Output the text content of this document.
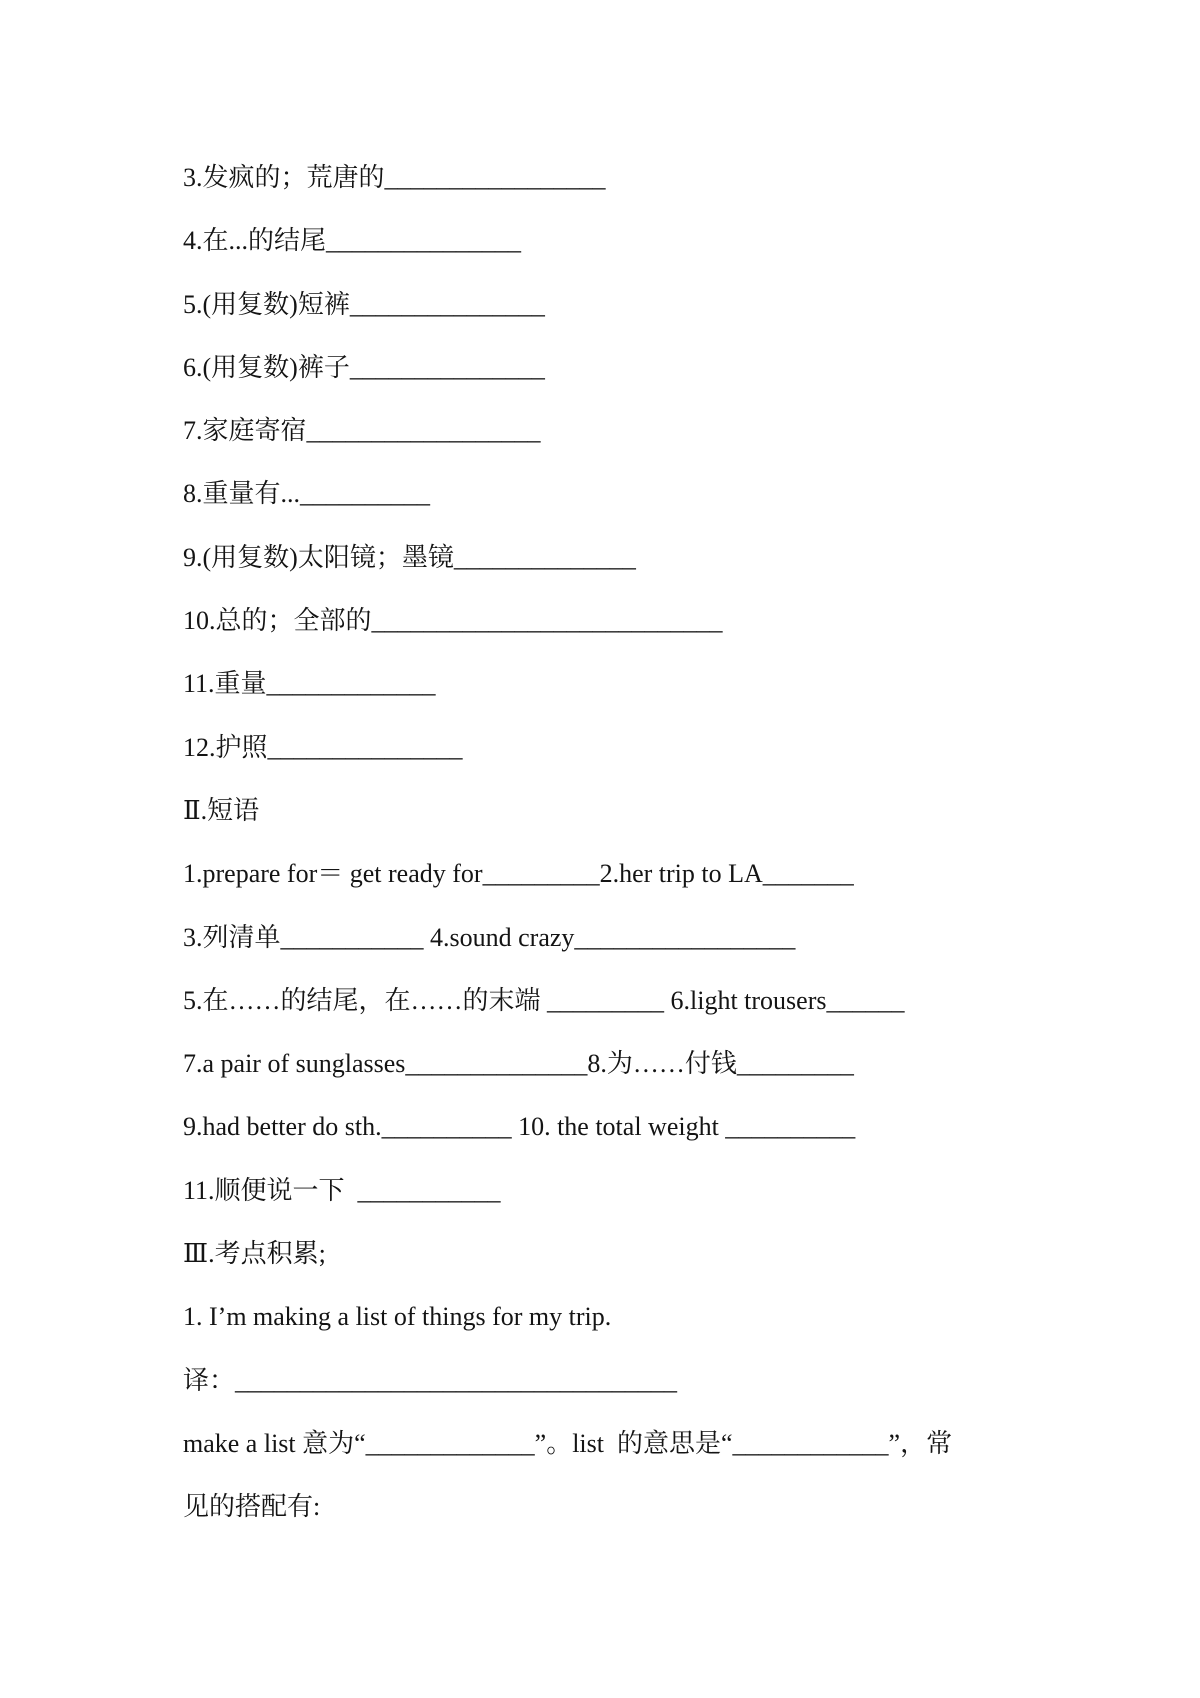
3.发疯的；荒唐的_________________
4.在...的结尾_______________
5.(用复数)短裤_______________
6.(用复数)裤子_______________
7.家庭寄宿__________________
8.重量有...__________
9.(用复数)太阳镜；墨镜______________
10.总的；全部的___________________________
11.重量_____________
12.护照_______________
Ⅱ.短语
1.prepare for＝ get ready for_________2.her trip to LA_______
3.列清单___________ 4.sound crazy_________________
5.在……的结尾，在……的末端 _________ 6.light trousers______
7.a pair of sunglasses______________8.为……付钱_________
9.had better do sth.__________ 10. the total weight __________
11.顺便说一下  ___________
Ⅲ.考点积累;
1. I’m making a list of things for my trip.
译：__________________________________
make a list 意为“_____________”。list  的意思是“____________”，常
见的搭配有:
